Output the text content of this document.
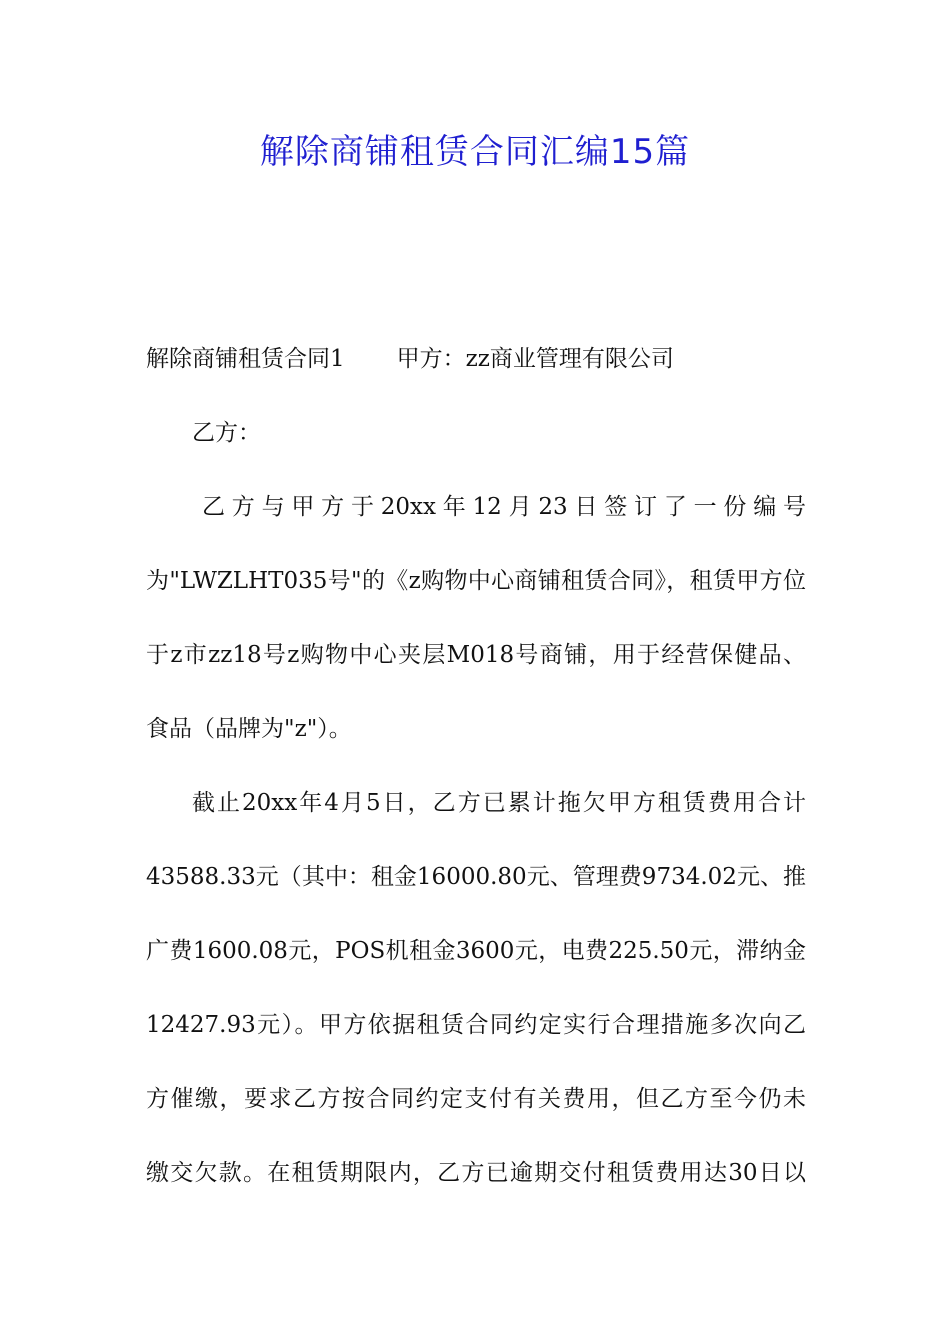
解除商铺租赁合同汇编15篇
解除商铺租赁合同1 甲方：zz商业管理有限公司
乙方：
乙方与甲方于20xx年12月23日签订了一份编号
为"LWZLHT035号"的《z购物中心商铺租赁合同》，租赁甲方位
于z市zz18号z购物中心夹层M018号商铺，用于经营保健品、
食品（品牌为"z"）。
截止20xx年4月5日，乙方已累计拖欠甲方租赁费用合计
43588.33元（其中：租金16000.80元、管理费9734.02元、推
广费1600.08元，POS机租金3600元，电费225.50元，滞纳金
12427.93元）。甲方依据租赁合同约定实行合理措施多次向乙
方催缴，要求乙方按合同约定支付有关费用，但乙方至今仍未
缴交欠款。在租赁期限内，乙方已逾期交付租赁费用达30日以
